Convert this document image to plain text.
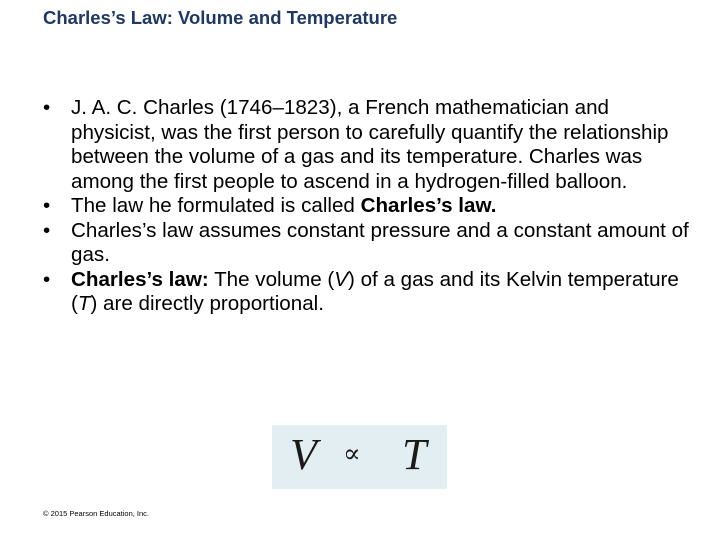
Charles’s Law: Volume and Temperature
• J. A. C. Charles (1746–1823), a French mathematician and physicist, was the first person to carefully quantify the relationship between the volume of a gas and its temperature. Charles was among the first people to ascend in a hydrogen-filled balloon.
• The law he formulated is called Charles’s law.
• Charles’s law assumes constant pressure and a constant amount of gas.
• Charles’s law: The volume (V) of a gas and its Kelvin temperature (T) are directly proportional.
V ∝ T
© 2015 Pearson Education, Inc.
